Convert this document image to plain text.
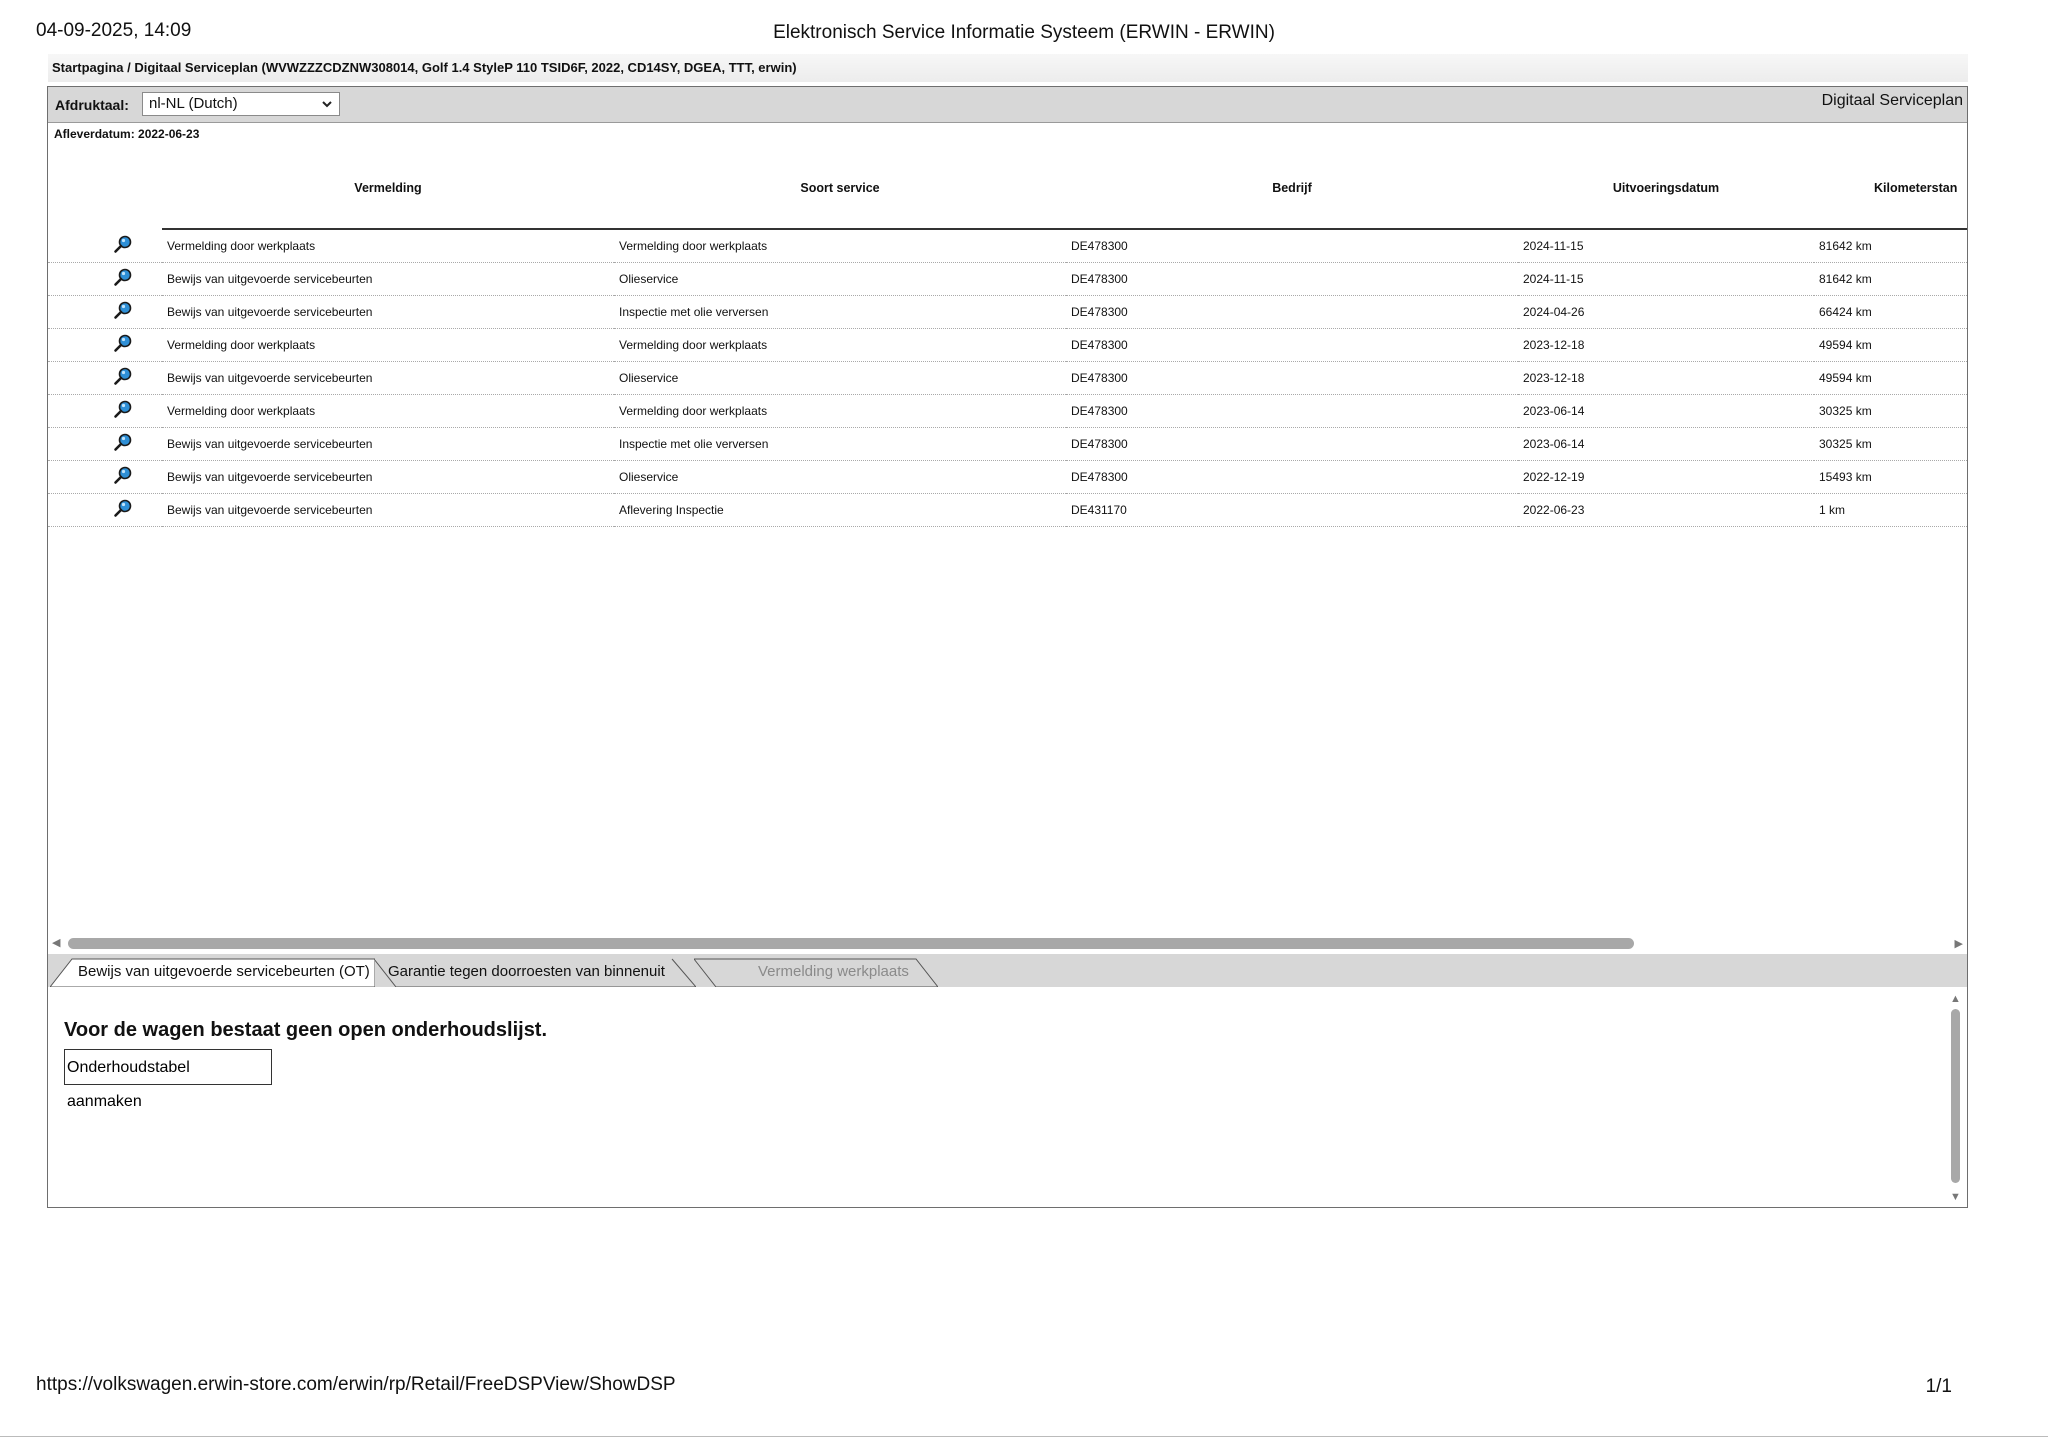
04-09-2025, 14:09	Elektronisch Service Informatie Systeem (ERWIN - ERWIN)
Startpagina / Digitaal Serviceplan (WVWZZZCDZNW308014, Golf 1.4 StyleP 110 TSID6F, 2022, CD14SY, DGEA, TTT, erwin)
Afdruktaal:	nl-NL (Dutch)	Digitaal Serviceplan
Afleverdatum: 2022-06-23
	Vermelding	Soort service	Bedrijf	Uitvoeringsdatum	Kilometerstan
	Vermelding door werkplaats	Vermelding door werkplaats	DE478300	2024-11-15	81642 km
	Bewijs van uitgevoerde servicebeurten	Olieservice	DE478300	2024-11-15	81642 km
	Bewijs van uitgevoerde servicebeurten	Inspectie met olie verversen	DE478300	2024-04-26	66424 km
	Vermelding door werkplaats	Vermelding door werkplaats	DE478300	2023-12-18	49594 km
	Bewijs van uitgevoerde servicebeurten	Olieservice	DE478300	2023-12-18	49594 km
	Vermelding door werkplaats	Vermelding door werkplaats	DE478300	2023-06-14	30325 km
	Bewijs van uitgevoerde servicebeurten	Inspectie met olie verversen	DE478300	2023-06-14	30325 km
	Bewijs van uitgevoerde servicebeurten	Olieservice	DE478300	2022-12-19	15493 km
	Bewijs van uitgevoerde servicebeurten	Aflevering Inspectie	DE431170	2022-06-23	1 km
◀	▶
Bewijs van uitgevoerde servicebeurten (OT)	Garantie tegen doorroesten van binnenuit	Vermelding werkplaats
Voor de wagen bestaat geen open onderhoudslijst.
Onderhoudstabel aanmaken
▲
▼
https://volkswagen.erwin-store.com/erwin/rp/Retail/FreeDSPView/ShowDSP	1/1
